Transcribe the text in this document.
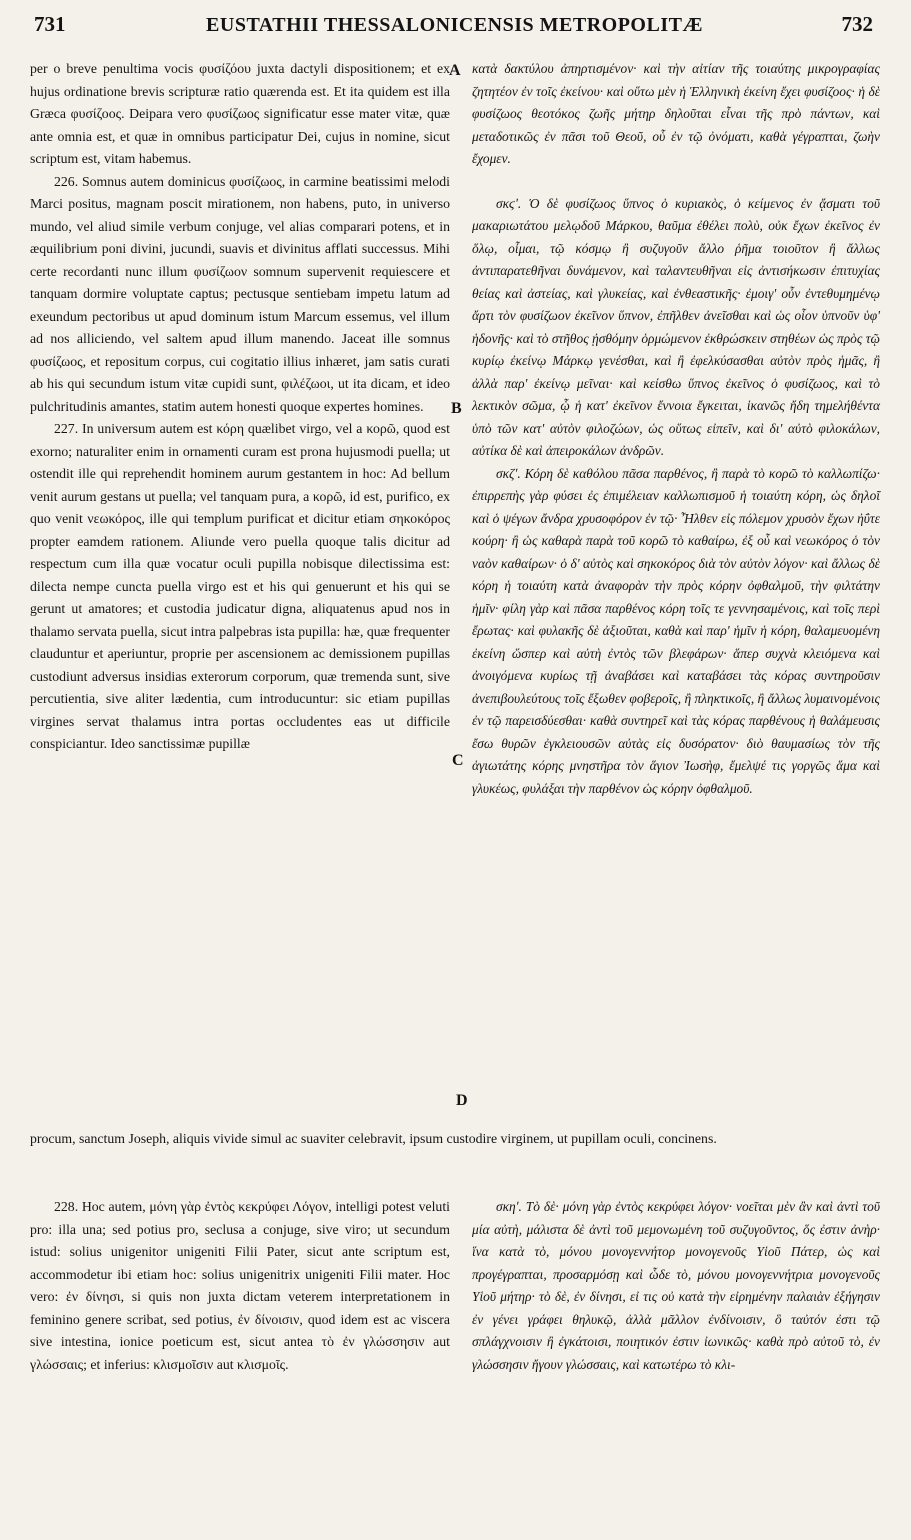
731	EUSTATHII THESSALONICENSIS METROPOLITÆ	732

per o breve penultima vocis φυσίζόου juxta dactyli dispositionem; et ex hujus ordinatione brevis scripturæ ratio quærenda est. Et ita quidem est illa Græca φυσίζοος. Deipara vero φυσίζωος significatur esse mater vitæ, quæ ante omnia est, et quæ in omnibus participatur Dei, cujus in nomine, sicut scriptum est, vitam habemus.

226. Somnus autem dominicus φυσίζωος, in carmine beatissimi melodi Marci positus, magnam poscit mirationem, non habens, puto, in universo mundo, vel aliud simile verbum conjuge, vel alias comparari potens, et in æquilibrium poni divini, jucundi, suavis et divinitus afflati successus. Mihi certe recordanti nunc illum φυσίζωον somnum supervenit requiescere et tanquam dormire voluptate captus; pectusque sentiebam impetu latum ad exeundum pectoribus ut apud dominum istum Marcum essemus, vel illum ad nos alliciendo, vel saltem apud illum manendo. Jaceat ille somnus φυσίζωος, et repositum corpus, cui cogitatio illius inhæret, jam satis curati ab his qui secundum istum vitæ cupidi sunt, φιλέζωοι, ut ita dicam, et ideo pulchritudinis amantes, statim autem honesti quoque expertes homines.

227. In universum autem est κόρη quælibet virgo, vel a κορῶ, quod est exorno; naturaliter enim in ornamenti curam est prona hujusmodi puella; ut ostendit ille qui reprehendit hominem aurum gestantem in hoc: Ad bellum venit aurum gestans ut puella; vel tanquam pura, a κορῶ, id est, purifico, ex quo venit νεωκόρος, ille qui templum purificat et dicitur etiam σηκοκόρος propter eamdem rationem. Aliunde vero puella quoque talis dicitur ad respectum cum illa quæ vocatur oculi pupilla nobisque dilectissima est: dilecta nempe cuncta puella virgo est et his qui genuerunt et his qui se gerunt ut amatores; et custodia judicatur digna, aliquatenus apud nos in thalamo servata puella, sicut intra palpebras ista pupilla: hæ, quæ frequenter clauduntur et aperiuntur, proprie per ascensionem ac demissionem pupillas custodiunt adversus insidias exterorum corporum, quæ tremenda sunt, sive percutientia, sive aliter lædentia, cum introducuntur: sic etiam pupillas virgines servat thalamus intra portas occludentes eas ut difficile conspiciantur. Ideo sanctissimæ pupillæ

κατὰ δακτύλου ἀπηρτισμένον· καὶ τὴν αἰτίαν τῆς τοιαύτης μικρογραφίας ζητητέον ἐν τοῖς ἐκείνου· καὶ οὕτω μὲν ἡ Ἑλληνικὴ ἐκείνη ἔχει φυσίζοος· ἡ δὲ φυσίζωος θεοτόκος ζωῆς μήτηρ δηλοῦται εἶναι τῆς πρὸ πάντων, καὶ μεταδοτικῶς ἐν πᾶσι τοῦ Θεοῦ, οὗ ἐν τῷ ὀνόματι, καθὰ γέγραπται, ζωὴν ἔχομεν.

σκϛʹ. Ὁ δὲ φυσίζωος ὕπνος ὁ κυριακὸς, ὁ κείμενος ἐν ᾄσματι τοῦ μακαριωτάτου μελῳδοῦ Μάρκου, θαῦμα ἐθέλει πολὺ, οὐκ ἔχων ἐκεῖνος ἐν ὅλῳ, οἶμαι, τῷ κόσμῳ ἢ συζυγοῦν ἄλλο ῥῆμα τοιοῦτον ἢ ἄλλως ἀντιπαρατεθῆναι δυνάμενον, καὶ ταλαντευθῆναι εἰς ἀντισήκωσιν ἐπιτυχίας θείας καὶ ἀστείας, καὶ γλυκείας, καὶ ἐνθεαστικῆς· ἐμοιγ' οὖν ἐντεθυμημένῳ ἄρτι τὸν φυσίζωον ἐκεῖνον ὕπνον, ἐπῆλθεν ἀνεῖσθαι καὶ ὡς οἷον ὑπνοῦν ὑφ' ἡδονῆς· καὶ τὸ στῆθος ᾐσθόμην ὁρμώμενον ἐκθρώσκειν στηθέων ὡς πρὸς τῷ κυρίῳ ἐκείνῳ Μάρκῳ γενέσθαι, καὶ ἢ ἐφελκύσασθαι αὐτὸν πρὸς ἡμᾶς, ἢ ἀλλὰ παρ' ἐκείνῳ μεῖναι· καὶ κείσθω ὕπνος ἐκεῖνος ὁ φυσίζωος, καὶ τὸ λεκτικὸν σῶμα, ᾧ ἡ κατ' ἐκεῖνον ἔννοια ἔγκειται, ἱκανῶς ἤδη τημελήθέντα ὑπὸ τῶν κατ' αὐτὸν φιλοζώων, ὡς οὕτως εἰπεῖν, καὶ δι' αὐτὸ φιλοκάλων, αὐτίκα δὲ καὶ ἀπειροκάλων ἀνδρῶν.

σκζʹ. Κόρη δὲ καθόλου πᾶσα παρθένος, ἢ παρὰ τὸ κορῶ τὸ καλλωπίζω· ἐπιρρεπὴς γὰρ φύσει ἐς ἐπιμέλειαν καλλωπισμοῦ ἡ τοιαύτη κόρη, ὡς δηλοῖ καὶ ὁ ψέγων ἄνδρα χρυσοφόρον ἐν τῷ· Ἦλθεν εἰς πόλεμον χρυσὸν ἔχων ἠΰτε κούρη· ἢ ὡς καθαρὰ παρὰ τοῦ κορῶ τὸ καθαίρω, ἐξ οὗ καὶ νεωκόρος ὁ τὸν ναὸν καθαίρων· ὁ δ' αὐτὸς καὶ σηκοκόρος διὰ τὸν αὐτὸν λόγον· καὶ ἄλλως δὲ κόρη ἡ τοιαύτη κατὰ ἀναφορὰν τὴν πρὸς κόρην ὀφθαλμοῦ, τὴν φιλτάτην ἡμῖν· φίλη γὰρ καὶ πᾶσα παρθένος κόρη τοῖς τε γεννησαμένοις, καὶ τοῖς περὶ ἔρωτας· καὶ φυλακῆς δὲ ἀξιοῦται, καθὰ καὶ παρ' ἡμῖν ἡ κόρη, θαλαμευομένη ἐκείνη ὥσπερ καὶ αὐτὴ ἐντὸς τῶν βλεφάρων· ἅπερ συχνὰ κλειόμενα καὶ ἀνοιγόμενα κυρίως τῇ ἀναβάσει καὶ καταβάσει τὰς κόρας συντηροῦσιν ἀνεπιβουλεύτους τοῖς ἔξωθεν φοβεροῖς, ἢ πληκτικοῖς, ἢ ἄλλως λυμαινομένοις ἐν τῷ παρεισδύεσθαι· καθὰ συντηρεῖ καὶ τὰς κόρας παρθένους ἡ θαλάμευσις ἔσω θυρῶν ἐγκλειουσῶν αὐτὰς εἰς δυσόρατον· διὸ θαυμασίως τὸν τῆς ἁγιωτάτης κόρης μνηστῆρα τὸν ἅγιον Ἰωσὴφ, ἔμελψέ τις γοργῶς ἅμα καὶ γλυκέως, φυλάξαι τὴν παρθένον ὡς κόρην ὀφθαλμοῦ.

A
B
C
D

procum, sanctum Joseph, aliquis vivide simul ac suaviter celebravit, ipsum custodire virginem, ut pupillam oculi, concinens.

228. Hoc autem, μόνη γὰρ ἐντὸς κεκρύφει Λόγον, intelligi potest veluti pro: illa una; sed potius pro, seclusa a conjuge, sive viro; ut secundum istud: solius unigenitor unigeniti Filii Pater, sicut ante scriptum est, accommodetur ibi etiam hoc: solius unigenitrix unigeniti Filii mater. Hoc vero: ἐν δίνησι, si quis non juxta dictam veterem interpretationem in feminino genere scribat, sed potius, ἐν δίνοισιν, quod idem est ac viscera sive intestina, ionice poeticum est, sicut antea τὸ ἐν γλώσσησιν aut γλώσσαις; et inferius: κλισμοῖσιν aut κλισμοῖς.

σκηʹ. Τὸ δὲ· μόνη γὰρ ἐντὸς κεκρύφει λόγον· νοεῖται μὲν ἂν καὶ ἀντὶ τοῦ μία αὐτὴ, μάλιστα δὲ ἀντὶ τοῦ μεμονωμένη τοῦ συζυγοῦντος, ὅς ἐστιν ἀνὴρ· ἵνα κατὰ τὸ, μόνου μονογεννήτορ μονογενοῦς Υἱοῦ Πάτερ, ὡς καὶ προγέγραπται, προσαρμόσῃ καὶ ὧδε τὸ, μόνου μονογεννήτρια μονογενοῦς Υἱοῦ μήτηρ· τὸ δὲ, ἐν δίνησι, εἰ τις οὐ κατὰ τὴν εἰρημένην παλαιὰν ἐξήγησιν ἐν γένει γράφει θηλυκῷ, ἀλλὰ μᾶλλον ἐνδίνοισιν, ὃ ταὐτόν ἐστι τῷ σπλάγχνοισιν ἢ ἐγκάτοισι, ποιητικόν ἐστιν ἰωνικῶς· καθὰ πρὸ αὐτοῦ τὸ, ἐν γλώσσησιν ἤγουν γλώσσαις, καὶ κατωτέρω τὸ κλι-
